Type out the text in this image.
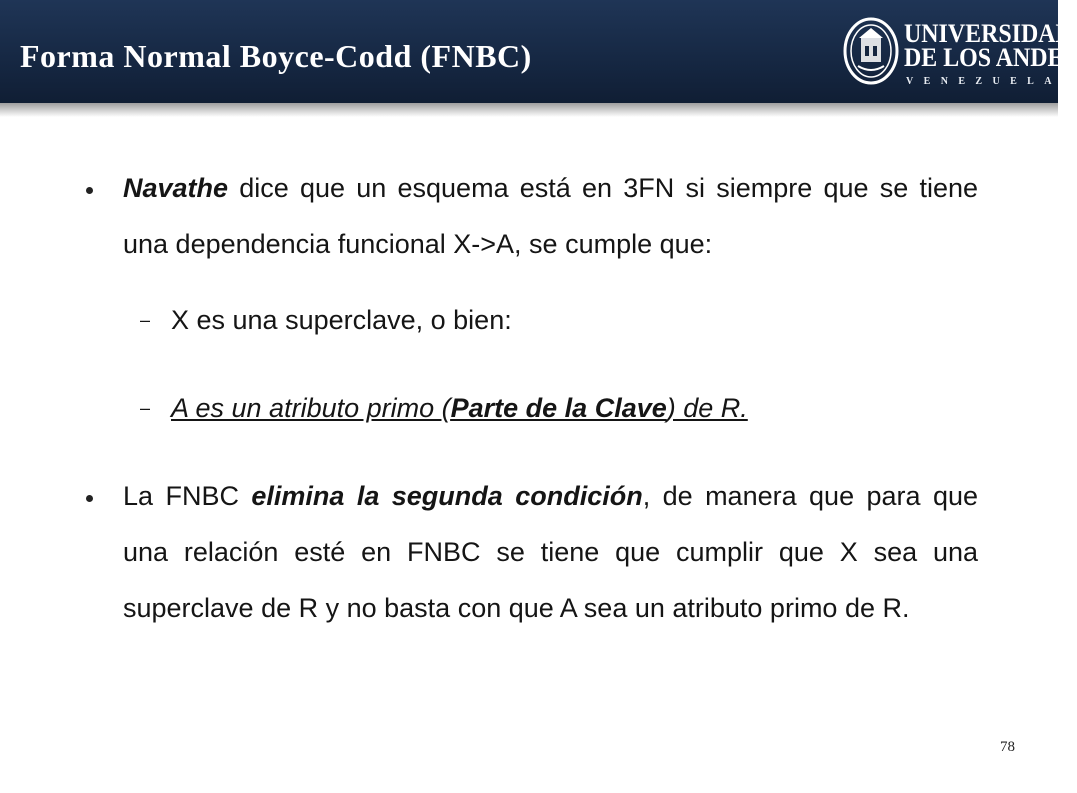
Forma Normal Boyce-Codd (FNBC)
UNIVERSIDAD
DE LOS ANDES
VENEZUELA

Navathe dice que un esquema está en 3FN si siempre que se tiene una dependencia funcional X->A, se cumple que:

– X es una superclave, o bien:

– A es un atributo primo (Parte de la Clave) de R.

La FNBC elimina la segunda condición, de manera que para que una relación esté en FNBC se tiene que cumplir que X sea una superclave de R y no basta con que A sea un atributo primo de R.

78
